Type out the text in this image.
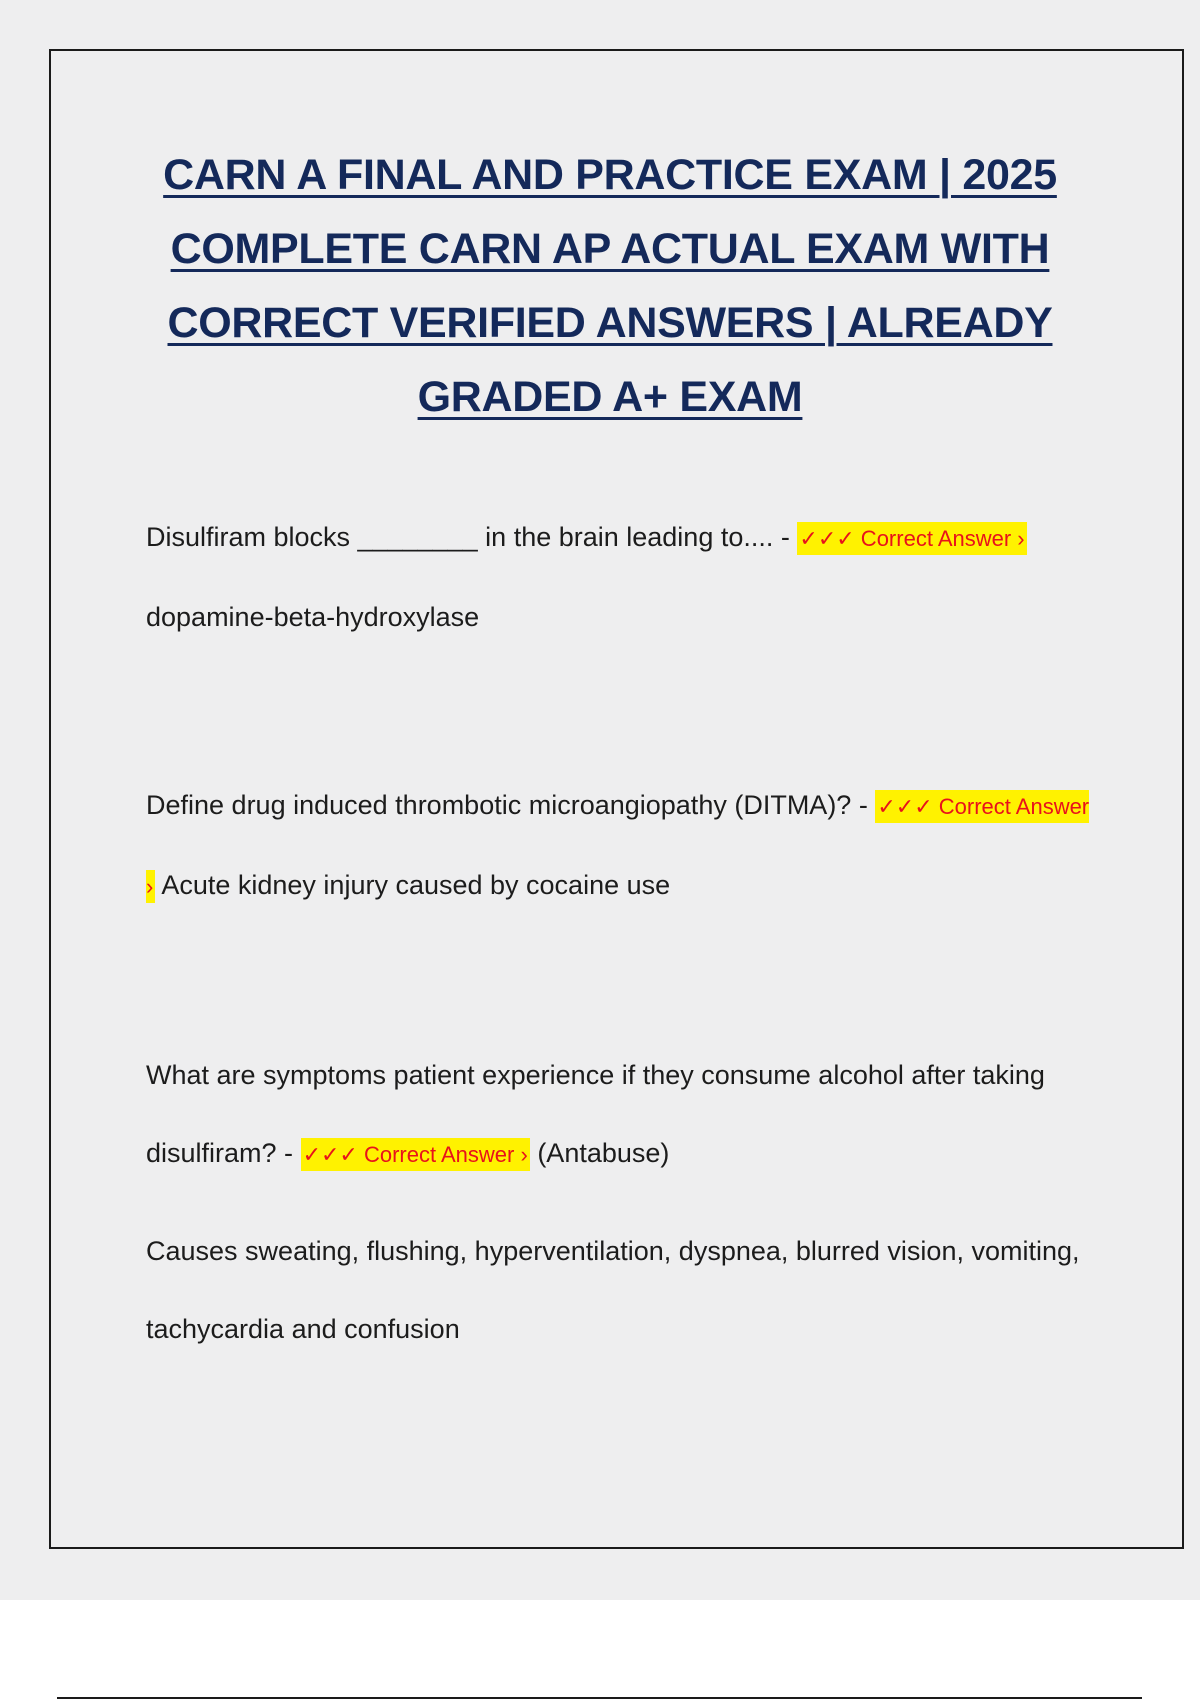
CARN A FINAL AND PRACTICE EXAM | 2025 COMPLETE CARN AP ACTUAL EXAM WITH CORRECT VERIFIED ANSWERS | ALREADY GRADED A+ EXAM

Disulfiram blocks ________ in the brain leading to.... - ✓✓✓ Correct Answer › dopamine-beta-hydroxylase

Define drug induced thrombotic microangiopathy (DITMA)? - ✓✓✓ Correct Answer › Acute kidney injury caused by cocaine use

What are symptoms patient experience if they consume alcohol after taking disulfiram? - ✓✓✓ Correct Answer › (Antabuse)

Causes sweating, flushing, hyperventilation, dyspnea, blurred vision, vomiting, tachycardia and confusion
